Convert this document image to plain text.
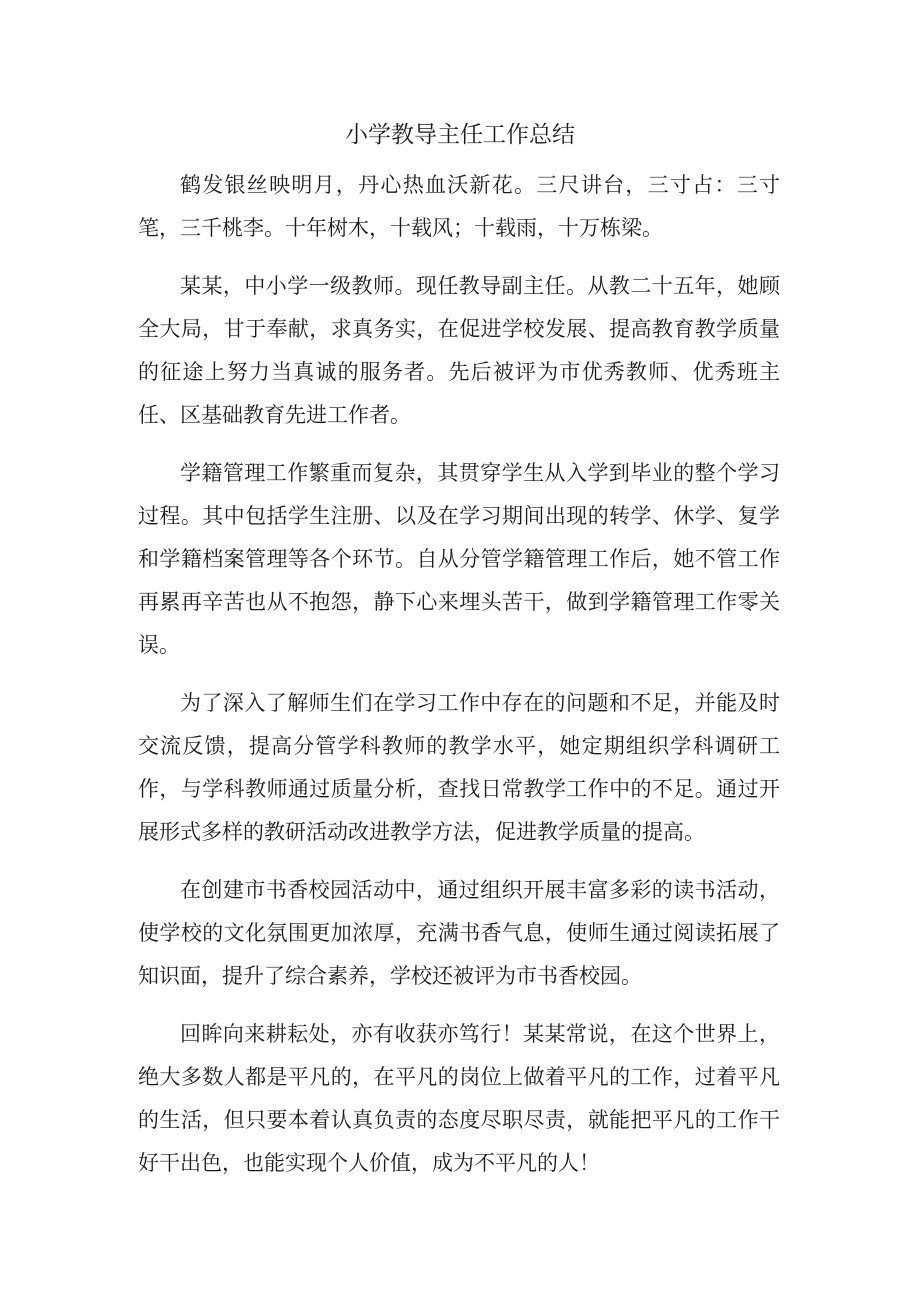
小学教导主任工作总结

鹤发银丝映明月，丹心热血沃新花。三尺讲台，三寸占：三寸笔，三千桃李。十年树木，十载风；十载雨，十万栋梁。

某某，中小学一级教师。现任教导副主任。从教二十五年，她顾全大局，甘于奉献，求真务实，在促进学校发展、提高教育教学质量的征途上努力当真诚的服务者。先后被评为市优秀教师、优秀班主任、区基础教育先进工作者。

学籍管理工作繁重而复杂，其贯穿学生从入学到毕业的整个学习过程。其中包括学生注册、以及在学习期间出现的转学、休学、复学和学籍档案管理等各个环节。自从分管学籍管理工作后，她不管工作再累再辛苦也从不抱怨，静下心来埋头苦干，做到学籍管理工作零关误。

为了深入了解师生们在学习工作中存在的问题和不足，并能及时交流反馈，提高分管学科教师的教学水平，她定期组织学科调研工作，与学科教师通过质量分析，查找日常教学工作中的不足。通过开展形式多样的教研活动改进教学方法，促进教学质量的提高。

在创建市书香校园活动中，通过组织开展丰富多彩的读书活动，使学校的文化氛围更加浓厚，充满书香气息，使师生通过阅读拓展了知识面，提升了综合素养，学校还被评为市书香校园。

回眸向来耕耘处，亦有收获亦笃行！某某常说，在这个世界上，绝大多数人都是平凡的，在平凡的岗位上做着平凡的工作，过着平凡的生活，但只要本着认真负责的态度尽职尽责，就能把平凡的工作干好干出色，也能实现个人价值，成为不平凡的人！
